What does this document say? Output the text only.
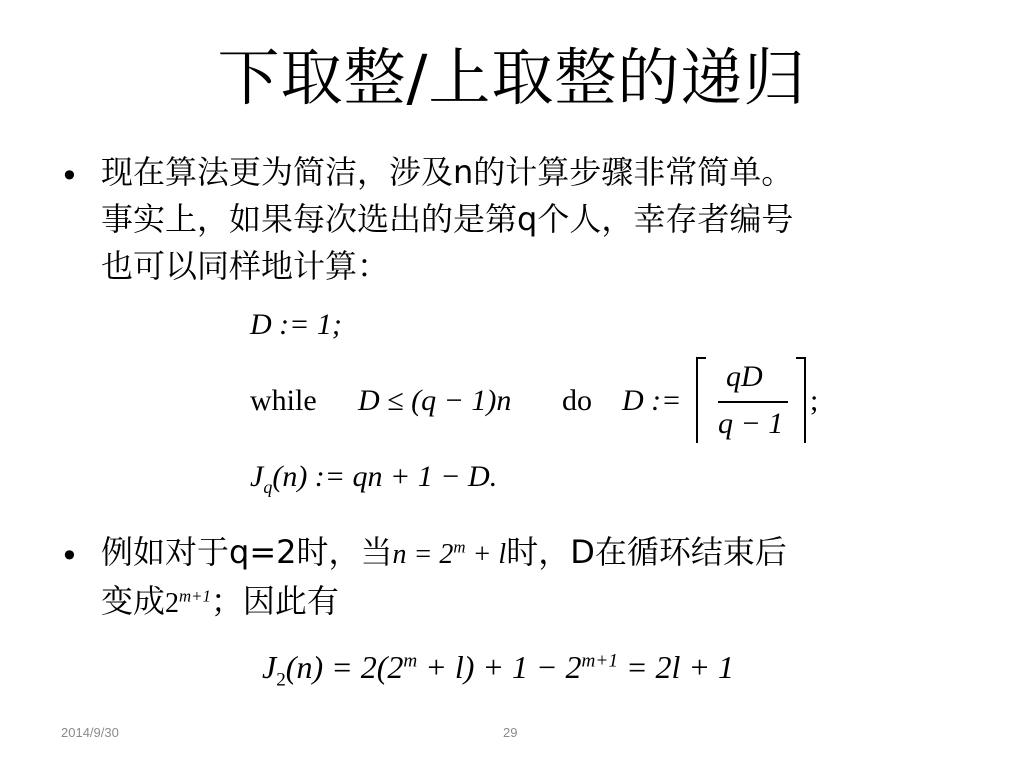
下取整/上取整的递归
• 现在算法更为简洁，涉及n的计算步骤非常简单。
事实上，如果每次选出的是第q个人，幸存者编号
也可以同样地计算：
D := 1;
while D ≤ (q − 1)n do D :=
qD
q − 1
;
$J_q(n)$ := qn + 1 − D.
• 例如对于q=2时，当$n = 2^m + l$时，D在循环结束后
变成$2^{m+1}$；因此有
$J_2(n) = 2(2^m + l) + 1 - 2^{m+1} = 2l + 1$
2014/9/30	29
